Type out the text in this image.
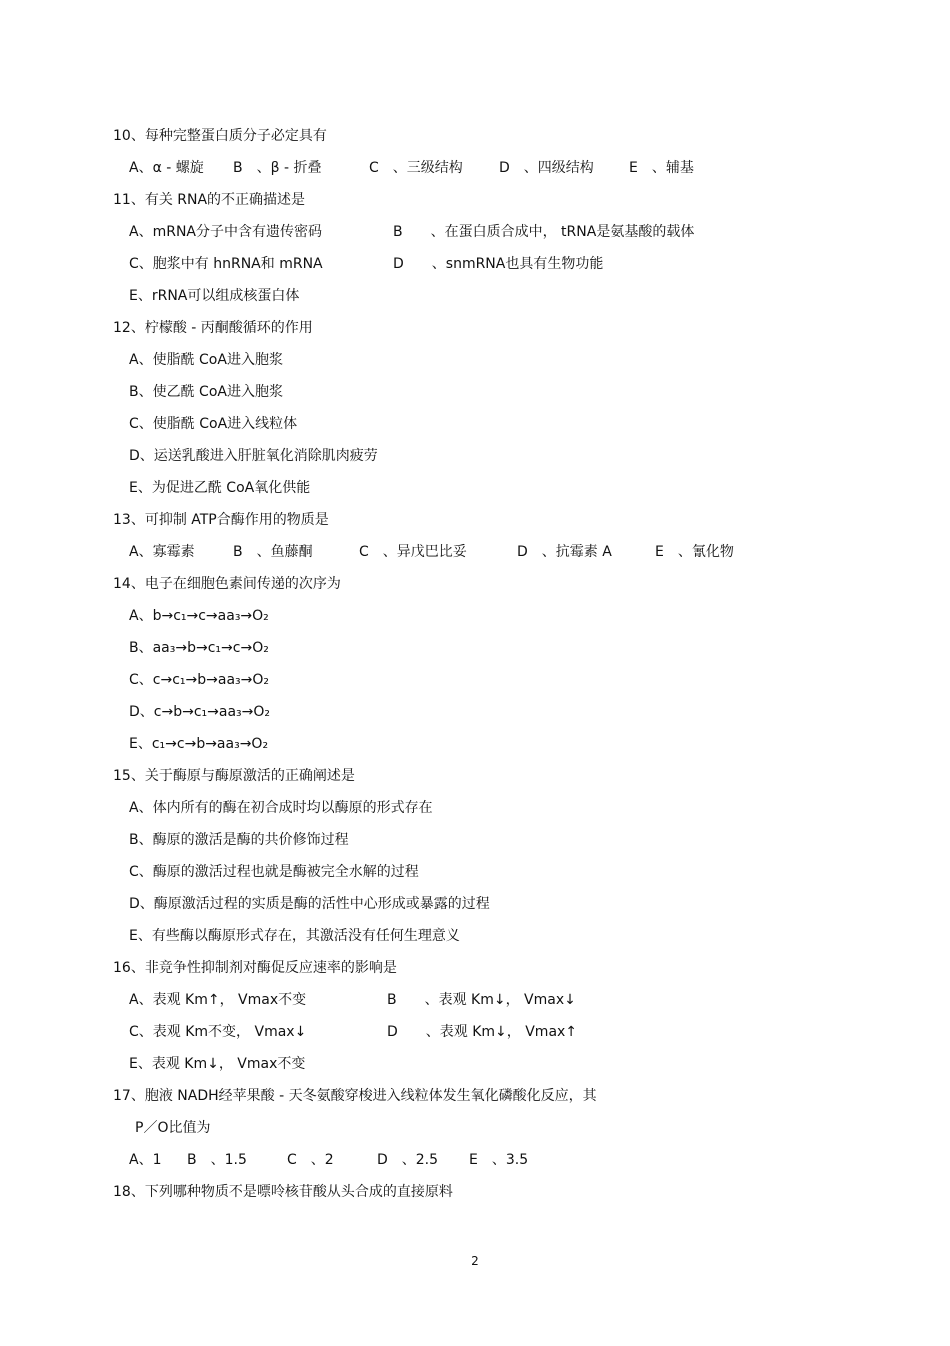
10、每种完整蛋白质分子必定具有
A、α - 螺旋	B　、β - 折叠	C　、三级结构	D　、四级结构	E　、辅基
11、有关 RNA的不正确描述是
A、mRNA分子中含有遗传密码	B　　、在蛋白质合成中， tRNA是氨基酸的载体
C、胞浆中有 hnRNA和 mRNA	D　　、snmRNA也具有生物功能
E、rRNA可以组成核蛋白体
12、柠檬酸 - 丙酮酸循环的作用
A、使脂酰 CoA进入胞浆
B、使乙酰 CoA进入胞浆
C、使脂酰 CoA进入线粒体
D、运送乳酸进入肝脏氧化消除肌肉疲劳
E、为促进乙酰 CoA氧化供能
13、可抑制 ATP合酶作用的物质是
A、寡霉素	B　、鱼藤酮	C　、异戊巴比妥	D　、抗霉素 A	E　、氰化物
14、电子在细胞色素间传递的次序为
A、b→c₁→c→aa₃→O₂
B、aa₃→b→c₁→c→O₂
C、c→c₁→b→aa₃→O₂
D、c→b→c₁→aa₃→O₂
E、c₁→c→b→aa₃→O₂
15、关于酶原与酶原激活的正确阐述是
A、体内所有的酶在初合成时均以酶原的形式存在
B、酶原的激活是酶的共价修饰过程
C、酶原的激活过程也就是酶被完全水解的过程
D、酶原激活过程的实质是酶的活性中心形成或暴露的过程
E、有些酶以酶原形式存在，其激活没有任何生理意义
16、非竞争性抑制剂对酶促反应速率的影响是
A、表观 Km↑， Vmax不变	B　　、表观 Km↓， Vmax↓
C、表观 Km不变， Vmax↓	D　　、表观 Km↓， Vmax↑
E、表观 Km↓， Vmax不变
17、胞液 NADH经苹果酸 - 天冬氨酸穿梭进入线粒体发生氧化磷酸化反应，其
P／O比值为
A、1	B　、1.5	C　、2	D　、2.5	E　、3.5
18、下列哪种物质不是嘌呤核苷酸从头合成的直接原料
2
